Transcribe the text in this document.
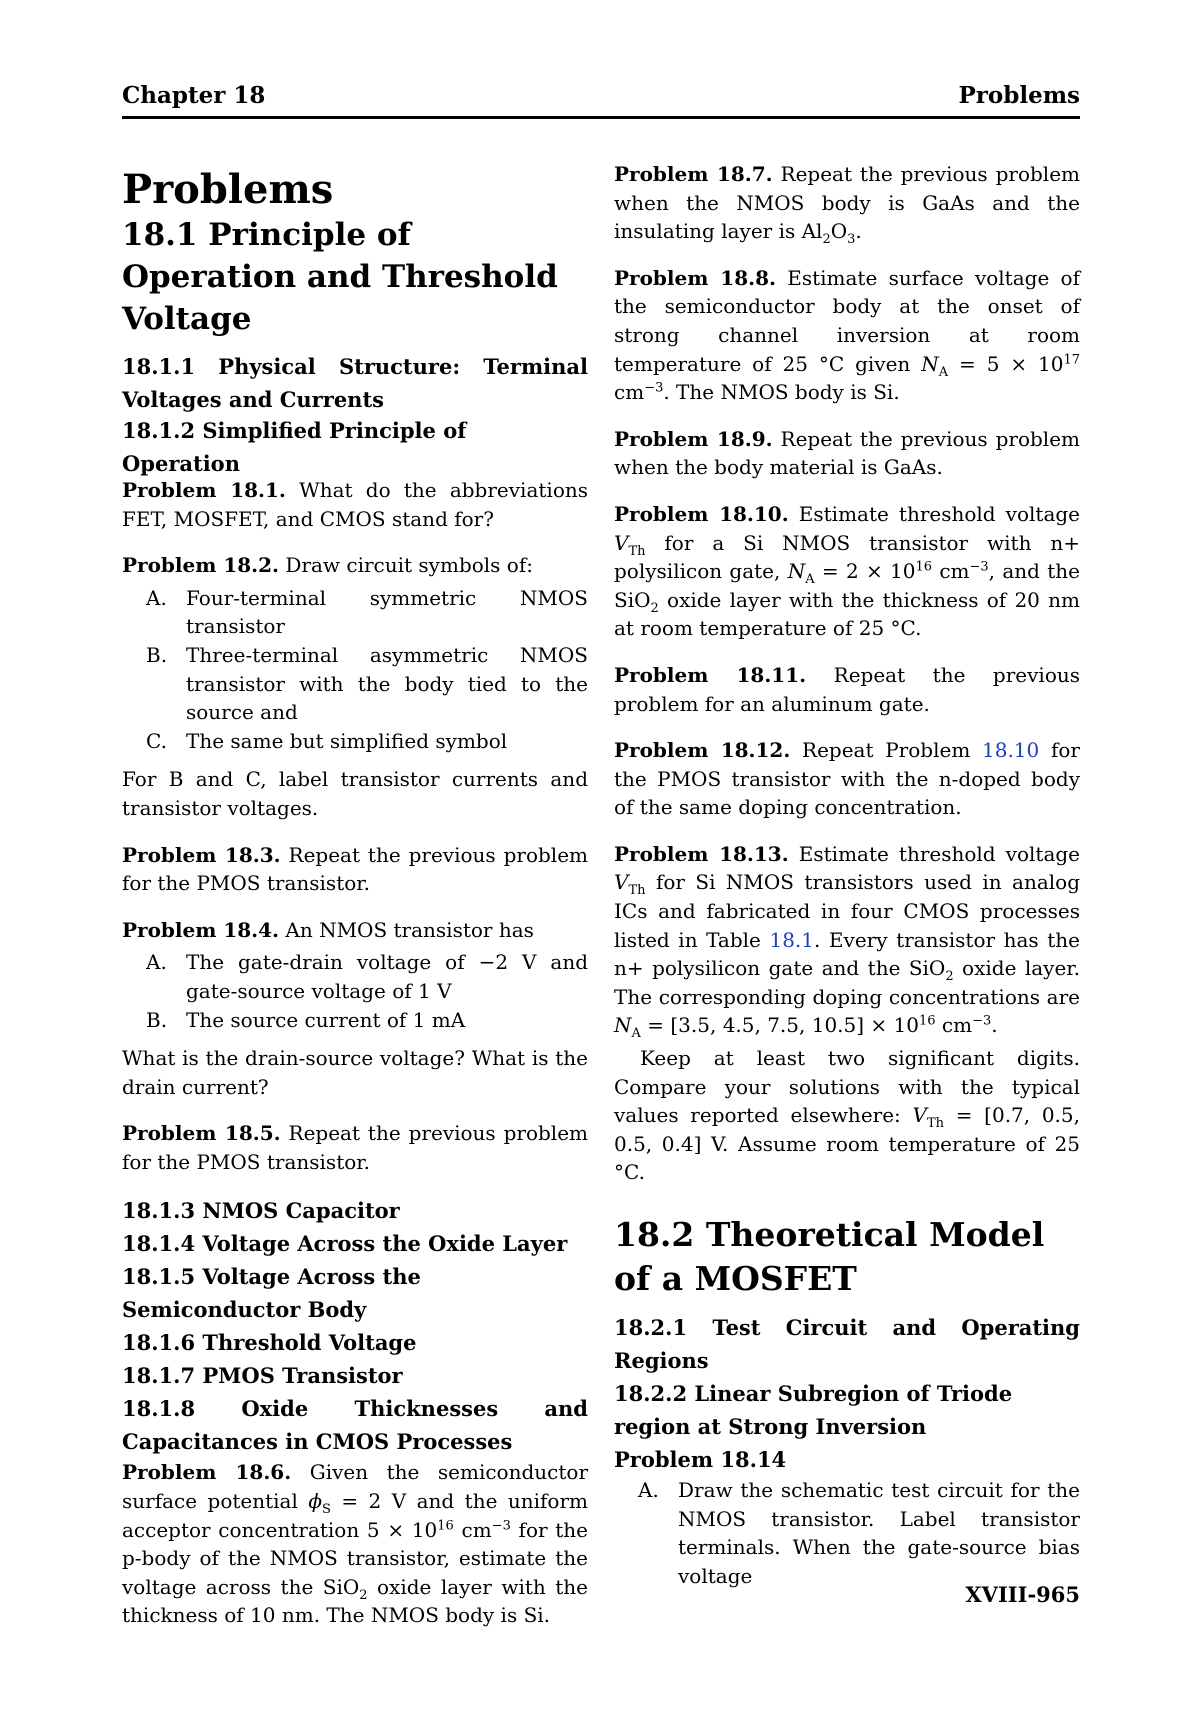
Chapter 18	Problems
Problems
18.1 Principle of Operation and Threshold Voltage
18.1.1 Physical Structure: Terminal Voltages and Currents
18.1.2 Simplified Principle of Operation

Problem 18.1. What do the abbreviations FET, MOSFET, and CMOS stand for?

Problem 18.2. Draw circuit symbols of:

A. Four-terminal symmetric NMOS transistor
B. Three-terminal asymmetric NMOS transistor with the body tied to the source and
C. The same but simplified symbol

For B and C, label transistor currents and transistor voltages.

Problem 18.3. Repeat the previous problem for the PMOS transistor.

Problem 18.4. An NMOS transistor has

A. The gate-drain voltage of −2 V and gate-source voltage of 1 V
B. The source current of 1 mA

What is the drain-source voltage? What is the drain current?

Problem 18.5. Repeat the previous problem for the PMOS transistor.

18.1.3 NMOS Capacitor
18.1.4 Voltage Across the Oxide Layer
18.1.5 Voltage Across the Semiconductor Body
18.1.6 Threshold Voltage
18.1.7 PMOS Transistor
18.1.8 Oxide Thicknesses and Capacitances in CMOS Processes

Problem 18.6. Given the semiconductor surface potential $\phi_S = 2$ V and the uniform acceptor concentration $5 \times 10^{16}$ $cm^{-3}$ for the p-body of the NMOS transistor, estimate the voltage across the SiO$_2$ oxide layer with the thickness of 10 nm. The NMOS body is Si.

Problem 18.7. Repeat the previous problem when the NMOS body is GaAs and the insulating layer is $Al_2O_3$.

Problem 18.8. Estimate surface voltage of the semiconductor body at the onset of strong channel inversion at room temperature of 25 °C given $N_A = 5 \times 10^{17}$ $cm^{-3}$. The NMOS body is Si.

Problem 18.9. Repeat the previous problem when the body material is GaAs.

Problem 18.10. Estimate threshold voltage $V_{Th}$ for a Si NMOS transistor with n+ polysilicon gate, $N_A = 2 \times 10^{16}$ $cm^{-3}$, and the SiO$_2$ oxide layer with the thickness of 20 nm at room temperature of 25 °C.

Problem 18.11. Repeat the previous problem for an aluminum gate.

Problem 18.12. Repeat Problem 18.10 for the PMOS transistor with the n-doped body of the same doping concentration.

Problem 18.13. Estimate threshold voltage $V_{Th}$ for Si NMOS transistors used in analog ICs and fabricated in four CMOS processes listed in Table 18.1. Every transistor has the n+ polysilicon gate and the SiO$_2$ oxide layer. The corresponding doping concentrations are $N_A = [3.5$, 4.5, 7.5, $10.5] \times 10^{16}$ $cm^{-3}$.

Keep at least two significant digits. Compare your solutions with the typical values reported elsewhere: $V_{Th} = [0.7$, 0.5, 0.5, 0.4] V. Assume room temperature of 25 °C.

18.2 Theoretical Model of a MOSFET
18.2.1 Test Circuit and Operating Regions
18.2.2 Linear Subregion of Triode region at Strong Inversion
Problem 18.14
A. Draw the schematic test circuit for the NMOS transistor. Label transistor terminals. When the gate-source bias voltage
XVIII-965
